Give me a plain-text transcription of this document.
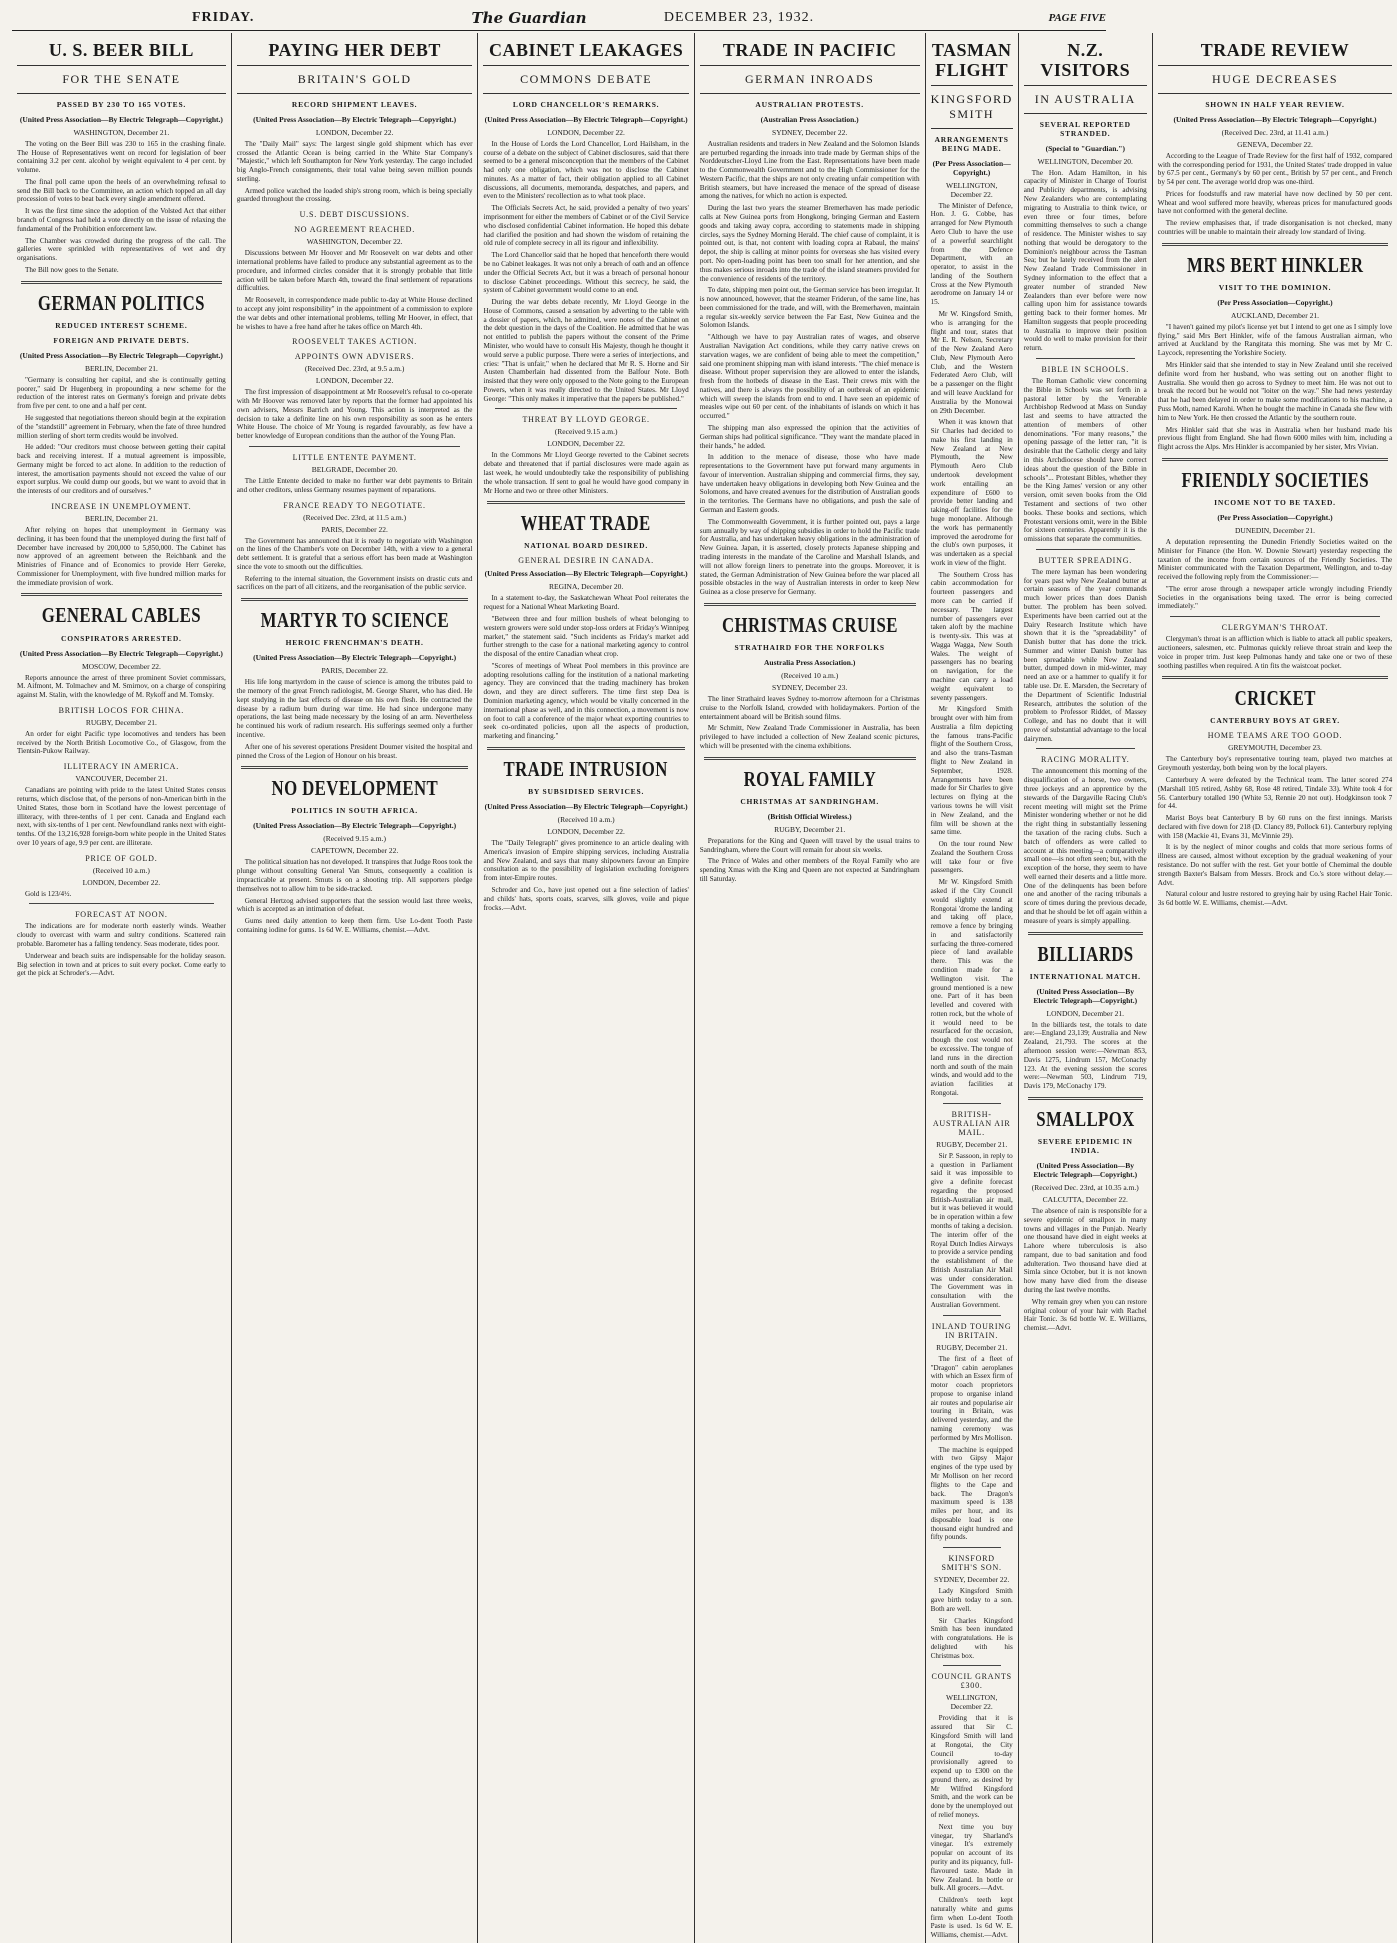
FRIDAY.	The Guardian	DECEMBER 23, 1932.	PAGE FIVE
U. S. BEER BILL
FOR THE SENATE
PASSED BY 230 TO 165 VOTES.
(United Press Association—By Electric Telegraph—Copyright.)
WASHINGTON, December 21.

The voting on the Beer Bill was 230 to 165 in the crashing finale. The House of Representatives went on record for legislation of beer containing 3.2 per cent. alcohol by weight equivalent to 4 per cent. by volume.

The final poll came upon the heels of an overwhelming refusal to send the Bill back to the Committee, an action which topped an all day procession of votes to beat back every single amendment offered.

It was the first time since the adoption of the Volsted Act that either branch of Congress had held a vote directly on the issue of relaxing the fundamental of the Prohibition enforcement law.

The Chamber was crowded during the progress of the call. The galleries were sprinkled with representatives of wet and dry organisations.

The Bill now goes to the Senate.

GERMAN POLITICS
REDUCED INTEREST SCHEME.
FOREIGN AND PRIVATE DEBTS.
(United Press Association—By Electric Telegraph—Copyright.)
BERLIN, December 21.

"Germany is consulting her capital, and she is continually getting poorer," said Dr Hugenberg in propounding a new scheme for the reduction of the interest rates on Germany's foreign and private debts from five per cent. to one and a half per cent.

He suggested that negotiations thereon should begin at the expiration of the "standstill" agreement in February, when the fate of three hundred million sterling of short term credits would be involved.

He added: "Our creditors must choose between getting their capital back and receiving interest. If a mutual agreement is impossible, Germany might be forced to act alone. In addition to the reduction of interest, the amortisation payments should not exceed the value of our export surplus. We could dump our goods, but we want to avoid that in the interests of our creditors and of ourselves."

INCREASE IN UNEMPLOYMENT.
BERLIN, December 21.

After relying on hopes that unemployment in Germany was declining, it has been found that the unemployed during the first half of December have increased by 200,000 to 5,850,000. The Cabinet has now approved of an agreement between the Reichbank and the Ministries of Finance and of Economics to provide Herr Gereke, Commissioner for Unemployment, with five hundred million marks for the immediate provision of work.

GENERAL CABLES
CONSPIRATORS ARRESTED.
(United Press Association—By Electric Telegraph—Copyright.)
MOSCOW, December 22.

Reports announce the arrest of three prominent Soviet commissars, M. Aifmont, M. Tolmachev and M. Smirnov, on a charge of conspiring against M. Stalin, with the knowledge of M. Rykoff and M. Tomsky.

BRITISH LOCOS FOR CHINA.
RUGBY, December 21.

An order for eight Pacific type locomotives and tenders has been received by the North British Locomotive Co., of Glasgow, from the Tientsin-Pukow Railway.

ILLITERACY IN AMERICA.
VANCOUVER, December 21.

Canadians are pointing with pride to the latest United States census returns, which disclose that, of the persons of non-American birth in the United States, those born in Scotland have the lowest percentage of illiteracy, with three-tenths of 1 per cent. Canada and England each next, with six-tenths of 1 per cent. Newfoundland ranks next with eight-tenths. Of the 13,216,928 foreign-born white people in the United States over 10 years of age, 9.9 per cent. are illiterate.

PRICE OF GOLD.
(Received 10 a.m.)
LONDON, December 22.

Gold is 123/4½.

FORECAST AT NOON.

The indications are for moderate north easterly winds. Weather cloudy to overcast with warm and sultry conditions. Scattered rain probable. Barometer has a falling tendency. Seas moderate, tides poor.

Underwear and beach suits are indispensable for the holiday season. Big selection in town and at prices to suit every pocket. Come early to get the pick at Schroder's.—Advt.

PAYING HER DEBT
BRITAIN'S GOLD
RECORD SHIPMENT LEAVES.
(United Press Association—By Electric Telegraph—Copyright.)
LONDON, December 22.

The "Daily Mail" says: The largest single gold shipment which has ever crossed the Atlantic Ocean is being carried in the White Star Company's "Majestic," which left Southampton for New York yesterday. The cargo included big Anglo-French consignments, their total value being seven million pounds sterling.

Armed police watched the loaded ship's strong room, which is being specially guarded throughout the crossing.

U.S. DEBT DISCUSSIONS.
NO AGREEMENT REACHED.
WASHINGTON, December 22.

Discussions between Mr Hoover and Mr Roosevelt on war debts and other international problems have failed to produce any substantial agreement as to the procedure, and informed circles consider that it is strongly probable that little action will be taken before March 4th, toward the final settlement of reparations difficulties.

Mr Roosevelt, in correspondence made public to-day at White House declined to accept any joint responsibility" in the appointment of a commission to explore the war debts and other international problems, telling Mr Hoover, in effect, that he wishes to have a free hand after he takes office on March 4th.

ROOSEVELT TAKES ACTION.
APPOINTS OWN ADVISERS.
(Received Dec. 23rd, at 9.5 a.m.)
LONDON, December 22.

The first impression of disappointment at Mr Roosevelt's refusal to co-operate with Mr Hoover was removed later by reports that the former had appointed his own advisers, Messrs Barrich and Young. This action is interpreted as the decision to take a definite line on his own responsibility as soon as he enters White House. The choice of Mr Young is regarded favourably, as few have a better knowledge of European conditions than the author of the Young Plan.

LITTLE ENTENTE PAYMENT.
BELGRADE, December 20.

The Little Entente decided to make no further war debt payments to Britain and other creditors, unless Germany resumes payment of reparations.

FRANCE READY TO NEGOTIATE.
(Received Dec. 23rd, at 11.5 a.m.)
PARIS, December 22.

The Government has announced that it is ready to negotiate with Washington on the lines of the Chamber's vote on December 14th, with a view to a general debt settlement. It is grateful that a serious effort has been made at Washington since the vote to smooth out the difficulties.

Referring to the internal situation, the Government insists on drastic cuts and sacrifices on the part of all citizens, and the reorganisation of the public service.

MARTYR TO SCIENCE
HEROIC FRENCHMAN'S DEATH.
(United Press Association—By Electric Telegraph—Copyright.)
PARIS, December 22.

His life long martyrdom in the cause of science is among the tributes paid to the memory of the great French radiologist, M. George Sharet, who has died. He kept studying in the last effects of disease on his own flesh. He contracted the disease by a radium burn during war time. He had since undergone many operations, the last being made necessary by the losing of an arm. Nevertheless he continued his work of radium research. His sufferings seemed only a further incentive.

After one of his severest operations President Doumer visited the hospital and pinned the Cross of the Legion of Honour on his breast.

NO DEVELOPMENT
POLITICS IN SOUTH AFRICA.
(United Press Association—By Electric Telegraph—Copyright.)
(Received 9.15 a.m.)
CAPETOWN, December 22.

The political situation has not developed. It transpires that Judge Roos took the plunge without consulting General Van Smuts, consequently a coalition is impracticable at present. Smuts is on a shooting trip. All supporters pledge themselves not to allow him to be side-tracked.

General Hertzog advised supporters that the session would last three weeks, which is accepted as an intimation of defeat.

Gums need daily attention to keep them firm. Use Lo-dent Tooth Paste containing iodine for gums. 1s 6d W. E. Williams, chemist.—Advt.

CABINET LEAKAGES
COMMONS DEBATE
LORD CHANCELLOR'S REMARKS.
(United Press Association—By Electric Telegraph—Copyright.)
LONDON, December 22.

In the House of Lords the Lord Chancellor, Lord Hailsham, in the course of a debate on the subject of Cabinet disclosures, said that there seemed to be a general misconception that the members of the Cabinet had only one obligation, which was not to disclose the Cabinet minutes. As a matter of fact, their obligation applied to all Cabinet discussions, all documents, memoranda, despatches, and papers, and even to the Ministers' recollection as to what took place.

The Officials Secrets Act, he said, provided a penalty of two years' imprisonment for either the members of Cabinet or of the Civil Service who disclosed confidential Cabinet information. He hoped this debate had clarified the position and had shown the wisdom of retaining the old rule of complete secrecy in all its rigour and inflexibility.

The Lord Chancellor said that he hoped that henceforth there would be no Cabinet leakages. It was not only a breach of oath and an offence under the Official Secrets Act, but it was a breach of personal honour to disclose Cabinet proceedings. Without this secrecy, he said, the system of Cabinet government would come to an end.

During the war debts debate recently, Mr Lloyd George in the House of Commons, caused a sensation by adverting to the table with a dossier of papers, which, he admitted, were notes of the Cabinet on the debt question in the days of the Coalition. He admitted that he was not entitled to publish the papers without the consent of the Prime Minister, who would have to consult His Majesty, though he thought it would serve a public purpose. There were a series of interjections, and cries: "That is unfair," when he declared that Mr R. S. Horne and Sir Austen Chamberlain had dissented from the Balfour Note. Both insisted that they were only opposed to the Note going to the European Powers, when it was really directed to the United States. Mr Lloyd George: "This only makes it imperative that the papers be published."

THREAT BY LLOYD GEORGE.
(Received 9.15 a.m.)
LONDON, December 22.

In the Commons Mr Lloyd George reverted to the Cabinet secrets debate and threatened that if partial disclosures were made again as last week, he would undoubtedly take the responsibility of publishing the whole transaction. If sent to goal he would have good company in Mr Horne and two or three other Ministers.

WHEAT TRADE
NATIONAL BOARD DESIRED.
GENERAL DESIRE IN CANADA.
(United Press Association—By Electric Telegraph—Copyright.)
REGINA, December 20.

In a statement to-day, the Saskatchewan Wheat Pool reiterates the request for a National Wheat Marketing Board.

"Between three and four million bushels of wheat belonging to western growers were sold under stop-loss orders at Friday's Winnipeg market," the statement said. "Such incidents as Friday's market add further strength to the case for a national marketing agency to control the disposal of the entire Canadian wheat crop.

"Scores of meetings of Wheat Pool members in this province are adopting resolutions calling for the institution of a national marketing agency. They are convinced that the trading machinery has broken down, and they are direct sufferers. The time first step Dea is Dominion marketing agency, which would be vitally concerned in the international phase as well, and in this connection, a movement is now on foot to call a conference of the major wheat exporting countries to seek co-ordinated policies, upon all the aspects of production, marketing and financing."

TRADE INTRUSION
BY SUBSIDISED SERVICES.
(United Press Association—By Electric Telegraph—Copyright.)
(Received 10 a.m.)
LONDON, December 22.

The "Daily Telegraph" gives prominence to an article dealing with America's invasion of Empire shipping services, including Australia and New Zealand, and says that many shipowners favour an Empire consultation as to the possibility of legislation excluding foreigners from inter-Empire routes.

Schroder and Co., have just opened out a fine selection of ladies' and childs' hats, sports coats, scarves, silk gloves, voile and pique frocks.—Advt.

TRADE IN PACIFIC
GERMAN INROADS
AUSTRALIAN PROTESTS.
(Australian Press Association.)
SYDNEY, December 22.

Australian residents and traders in New Zealand and the Solomon Islands are perturbed regarding the inroads into trade made by German ships of the Norddeutscher-Lloyd Line from the East. Representations have been made to the Commonwealth Government and to the High Commissioner for the Western Pacific, that the ships are not only creating unfair competition with British steamers, but have increased the menace of the spread of disease among the natives, for which no action is expected.

During the last two years the steamer Bremerhaven has made periodic calls at New Guinea ports from Hongkong, bringing German and Eastern goods and taking away copra, according to statements made in shipping circles, says the Sydney Morning Herald. The chief cause of complaint, it is pointed out, is that, not content with loading copra at Rabaul, the mains' depot, the ship is calling at minor points for overseas she has visited every port. No open-loading point has been too small for her attention, and she thus makes serious inroads into the trade of the island steamers provided for the convenience of residents of the territory.

To date, shipping men point out, the German service has been irregular. It is now announced, however, that the steamer Friderun, of the same line, has been commissioned for the trade, and will, with the Bremerhaven, maintain a regular six-weekly service between the Far East, New Guinea and the Solomon Islands.

"Although we have to pay Australian rates of wages, and observe Australian Navigation Act conditions, while they carry native crews on starvation wages, we are confident of being able to meet the competition," said one prominent shipping man with island interests. "The chief menace is disease. Without proper supervision they are allowed to enter the islands, fresh from the hotbeds of disease in the East. Their crews mix with the natives, and there is always the possibility of an outbreak of an epidemic which will sweep the islands from end to end. I have seen an epidemic of measles wipe out 60 per cent. of the inhabitants of islands on which it has occurred."

The shipping man also expressed the opinion that the activities of German ships had political significance. "They want the mandate placed in their hands," he added.

In addition to the menace of disease, those who have made representations to the Government have put forward many arguments in favour of intervention. Australian shipping and commercial firms, they say, have undertaken heavy obligations in developing both New Guinea and the Solomons, and have created avenues for the distribution of Australian goods in the territories. The Germans have no obligations, and push the sale of German and Eastern goods.

The Commonwealth Government, it is further pointed out, pays a large sum annually by way of shipping subsidies in order to hold the Pacific trade for Australia, and has undertaken heavy obligations in the administration of New Guinea. Japan, it is asserted, closely protects Japanese shipping and trading interests in the mandate of the Caroline and Marshall Islands, and will not allow foreign liners to penetrate into the groups. Moreover, it is stated, the German Administration of New Guinea before the war placed all possible obstacles in the way of Australian interests in order to keep New Guinea as a close preserve for Germany.

CHRISTMAS CRUISE
STRATHAIRD FOR THE NORFOLKS
Australia Press Association.)
(Received 10 a.m.)
SYDNEY, December 23.

The liner Strathaird leaves Sydney to-morrow afternoon for a Christmas cruise to the Norfolk Island, crowded with holidaymakers. Portion of the entertainment aboard will be British sound films.

Mr Schmitt, New Zealand Trade Commissioner in Australia, has been privileged to have included a collection of New Zealand scenic pictures, which will be presented with the cinema exhibitions.

ROYAL FAMILY
CHRISTMAS AT SANDRINGHAM.
(British Official Wireless.)
RUGBY, December 21.

Preparations for the King and Queen will travel by the usual trains to Sandringham, where the Court will remain for about six weeks.

The Prince of Wales and other members of the Royal Family who are spending Xmas with the King and Queen are not expected at Sandringham till Saturday.

TASMAN FLIGHT
KINGSFORD SMITH
ARRANGEMENTS BEING MADE.
(Per Press Association—Copyright.)
WELLINGTON, December 22.

The Minister of Defence, Hon. J. G. Cobbe, has arranged for New Plymouth Aero Club to have the use of a powerful searchlight from the Defence Department, with an operator, to assist in the landing of the Southern Cross at the New Plymouth aerodrome on January 14 or 15.

Mr W. Kingsford Smith, who is arranging for the flight and tour, states that Mr E. R. Nelson, Secretary of the New Zealand Aero Club, New Plymouth Aero Club, and the Western Federated Aero Club, will be a passenger on the flight and will leave Auckland for Australia by the Monowai on 29th December.

When it was known that Sir Charles had decided to make his first landing in New Zealand at New Plymouth, the New Plymouth Aero Club undertook development work entailing an expenditure of £600 to provide better landing and taking-off facilities for the huge monoplane. Although the work has permanently improved the aerodrome for the club's own purposes, it was undertaken as a special work in view of the flight.

The Southern Cross has cabin accommodation for fourteen passengers and more can be carried if necessary. The largest number of passengers ever taken aloft by the machine is twenty-six. This was at Wagga Wagga, New South Wales. The weight of passengers has no bearing on navigation, for the machine can carry a load weight equivalent to seventy passengers.

Mr Kingsford Smith brought over with him from Australia a film depicting the famous trans-Pacific flight of the Southern Cross, and also the trans-Tasman flight to New Zealand in September, 1928. Arrangements have been made for Sir Charles to give lectures on flying at the various towns he will visit in New Zealand, and the film will be shown at the same time.

On the tour round New Zealand the Southern Cross will take four or five passengers.

Mr W. Kingsford Smith asked if the City Council would slightly extend at Rongotai 'drome the landing and taking off place, remove a fence by bringing in and satisfactorily surfacing the three-cornered piece of land available there. This was the condition made for a Wellington visit. The ground mentioned is a new one. Part of it has been levelled and covered with rotten rock, but the whole of it would need to be resurfaced for the occasion, though the cost would not be excessive. The tongue of land runs in the direction north and south of the main winds, and would add to the aviation facilities at Rongotai.

BRITISH-AUSTRALIAN AIR MAIL.
RUGBY, December 21.

Sir P. Sassoon, in reply to a question in Parliament said it was impossible to give a definite forecast regarding the proposed British-Australian air mail, but it was believed it would be in operation within a few months of taking a decision. The interim offer of the Royal Dutch Indies Airways to provide a service pending the establishment of the British Australian Air Mail was under consideration. The Government was in consultation with the Australian Government.

INLAND TOURING IN BRITAIN.
RUGBY, December 21.

The first of a fleet of "Dragon" cabin aeroplanes with which an Essex firm of motor coach proprietors propose to organise inland air routes and popularise air touring in Britain, was delivered yesterday, and the naming ceremony was performed by Mrs Mollison.

The machine is equipped with two Gipsy Major engines of the type used by Mr Mollison on her record flights to the Cape and back. The Dragon's maximum speed is 138 miles per hour, and its disposable load is one thousand eight hundred and fifty pounds.

KINSFORD SMITH'S SON.
SYDNEY, December 22.

Lady Kingsford Smith gave birth today to a son. Both are well.

Sir Charles Kingsford Smith has been inundated with congratulations. He is delighted with his Christmas box.

COUNCIL GRANTS £300.
WELLINGTON, December 22.

Providing that it is assured that Sir C. Kingsford Smith will land at Rongotai, the City Council to-day provisionally agreed to expend up to £300 on the ground there, as desired by Mr Wilfred Kingsford Smith, and the work can be done by the unemployed out of relief moneys.

Next time you buy vinegar, try Sharland's vinegar. It's extremely popular on account of its purity and its piquancy, full-flavoured taste. Made in New Zealand. In bottle or bulk. All grocers.—Advt.

Children's teeth kept naturally white and gums firm when Lo-dent Tooth Paste is used. 1s 6d W. E. Williams, chemist.—Advt.

N.Z. VISITORS
IN AUSTRALIA
SEVERAL REPORTED STRANDED.
(Special to "Guardian.")
WELLINGTON, December 20.

The Hon. Adam Hamilton, in his capacity of Minister in Charge of Tourist and Publicity departments, is advising New Zealanders who are contemplating migrating to Australia to think twice, or even three or four times, before committing themselves to such a change of residence. The Minister wishes to say nothing that would be derogatory to the Dominion's neighbour across the Tasman Sea; but he lately received from the alert New Zealand Trade Commissioner in Sydney information to the effect that a greater number of stranded New Zealanders than ever before were now calling upon him for assistance towards getting back to their former homes. Mr Hamilton suggests that people proceeding to Australia to improve their position would do well to make provision for their return.

BIBLE IN SCHOOLS.

The Roman Catholic view concerning the Bible in Schools was set forth in a pastoral letter by the Venerable Archbishop Redwood at Mass on Sunday last and seems to have attracted the attention of members of other denominations. "For many reasons," the opening passage of the letter ran, "it is desirable that the Catholic clergy and laity in this Archdiocese should have correct ideas about the question of the Bible in schools"... Protestant Bibles, whether they be the King James' version or any other version, omit seven books from the Old Testament and sections of two other books. These books and sections, which Protestant versions omit, were in the Bible for sixteen centuries. Apparently it is the omissions that separate the communities.

BUTTER SPREADING.

The mere layman has been wondering for years past why New Zealand butter at certain seasons of the year commands much lower prices than does Danish butter. The problem has been solved. Experiments have been carried out at the Dairy Research Institute which have shown that it is the "spreadability" of Danish butter that has done the trick. Summer and winter Danish butter has been spreadable while New Zealand butter, dumped down in mid-winter, may need an axe or a hammer to qualify it for table use. Dr. E. Marsden, the Secretary of the Department of Scientific Industrial Research, attributes the solution of the problem to Professor Riddet, of Massey College, and has no doubt that it will prove of substantial advantage to the local dairymen.

RACING MORALITY.

The announcement this morning of the disqualification of a horse, two owners, three jockeys and an apprentice by the stewards of the Dargaville Racing Club's recent meeting will might set the Prime Minister wondering whether or not he did the right thing in substantially lessening the taxation of the racing clubs. Such a batch of offenders as were called to account at this meeting—a comparatively small one—is not often seen; but, with the exception of the horse, they seem to have well earned their deserts and a little more. One of the delinquents has been before one and another of the racing tribunals a score of times during the previous decade, and that he should be let off again within a measure of years is simply appalling.

BILLIARDS
INTERNATIONAL MATCH.
(United Press Association—By Electric Telegraph—Copyright.)
LONDON, December 21.

In the billiards test, the totals to date are:—England 23,139; Australia and New Zealand, 21,793. The scores at the afternoon session were:—Newman 853, Davis 1275, Lindrum 157, McConachy 123. At the evening session the scores were:—Newman 503, Lindrum 719, Davis 179, McConachy 179.

SMALLPOX
SEVERE EPIDEMIC IN INDIA.
(United Press Association—By Electric Telegraph—Copyright.)
(Received Dec. 23rd, at 10.35 a.m.)
CALCUTTA, December 22.

The absence of rain is responsible for a severe epidemic of smallpox in many towns and villages in the Punjab. Nearly one thousand have died in eight weeks at Lahore where tuberculosis is also rampant, due to bad sanitation and food adulteration. Two thousand have died at Simla since October, but it is not known how many have died from the disease during the last twelve months.

Why remain grey when you can restore original colour of your hair with Rachel Hair Tonic. 3s 6d bottle W. E. Williams, chemist.—Advt.

TRADE REVIEW
HUGE DECREASES
SHOWN IN HALF YEAR REVIEW.
(United Press Association—By Electric Telegraph—Copyright.)
(Received Dec. 23rd, at 11.41 a.m.)
GENEVA, December 22.

According to the League of Trade Review for the first half of 1932, compared with the corresponding period for 1931, the United States' trade dropped in value by 67.5 per cent., Germany's by 60 per cent., British by 57 per cent., and French by 54 per cent. The average world drop was one-third.

Prices for foodstuffs and raw material have now declined by 50 per cent. Wheat and wool suffered more heavily, whereas prices for manufactured goods have not conformed with the general decline.

The review emphasises that, if trade disorganisation is not checked, many countries will be unable to maintain their already low standard of living.

MRS BERT HINKLER
VISIT TO THE DOMINION.
(Per Press Association—Copyright.)
AUCKLAND, December 21.

"I haven't gained my pilot's license yet but I intend to get one as I simply love flying," said Mrs Bert Hinkler, wife of the famous Australian airman, who arrived at Auckland by the Rangitata this morning. She was met by Mr C. Laycock, representing the Yorkshire Society.

Mrs Hinkler said that she intended to stay in New Zealand until she received definite word from her husband, who was setting out on another flight to Australia. She would then go across to Sydney to meet him. He was not out to break the record but he would not "loiter on the way." She had news yesterday that he had been delayed in order to make some modifications to his machine, a Puss Moth, named Karohi. When he bought the machine in Canada she flew with him to New York. He then crossed the Atlantic by the southern route.

Mrs Hinkler said that she was in Australia when her husband made his previous flight from England. She had flown 6000 miles with him, including a flight across the Alps. Mrs Hinkler is accompanied by her sister, Mrs Vivian.

FRIENDLY SOCIETIES
INCOME NOT TO BE TAXED.
(Per Press Association—Copyright.)
DUNEDIN, December 21.

A deputation representing the Dunedin Friendly Societies waited on the Minister for Finance (the Hon. W. Downie Stewart) yesterday respecting the taxation of the income from certain sources of the Friendly Societies. The Minister communicated with the Taxation Department, Wellington, and to-day received the following reply from the Commissioner:—

"The error arose through a newspaper article wrongly including Friendly Societies in the organisations being taxed. The error is being corrected immediately."

CLERGYMAN'S THROAT.

Clergyman's throat is an affliction which is liable to attack all public speakers, auctioneers, salesmen, etc. Pulmonas quickly relieve throat strain and keep the voice in proper trim. Just keep Pulmonas handy and take one or two of these soothing pastilles when required. A tin fits the waistcoat pocket.

CRICKET
CANTERBURY BOYS AT GREY.
HOME TEAMS ARE TOO GOOD.
GREYMOUTH, December 23.

The Canterbury boy's representative touring team, played two matches at Greymouth yesterday, both being won by the local players.

Canterbury A were defeated by the Technical team. The latter scored 274 (Marshall 105 retired, Ashby 68, Rose 48 retired, Tindale 33). White took 4 for 56. Canterbury totalled 190 (White 53, Rennie 20 not out). Hodgkinson took 7 for 44.

Marist Boys beat Canterbury B by 60 runs on the first innings. Marists declared with five down for 218 (D. Clancy 89, Pollock 61). Canterbury replying with 158 (Mackie 41, Evans 31, McVinnie 29).

It is by the neglect of minor coughs and colds that more serious forms of illness are caused, almost without exception by the gradual weakening of your resistance. Do not suffer with the rest. Get your bottle of Chemimal the double strength Baxter's Balsam from Messrs. Brock and Co.'s store without delay.—Advt.

Natural colour and lustre restored to greying hair by using Rachel Hair Tonic. 3s 6d bottle W. E. Williams, chemist.—Advt.
